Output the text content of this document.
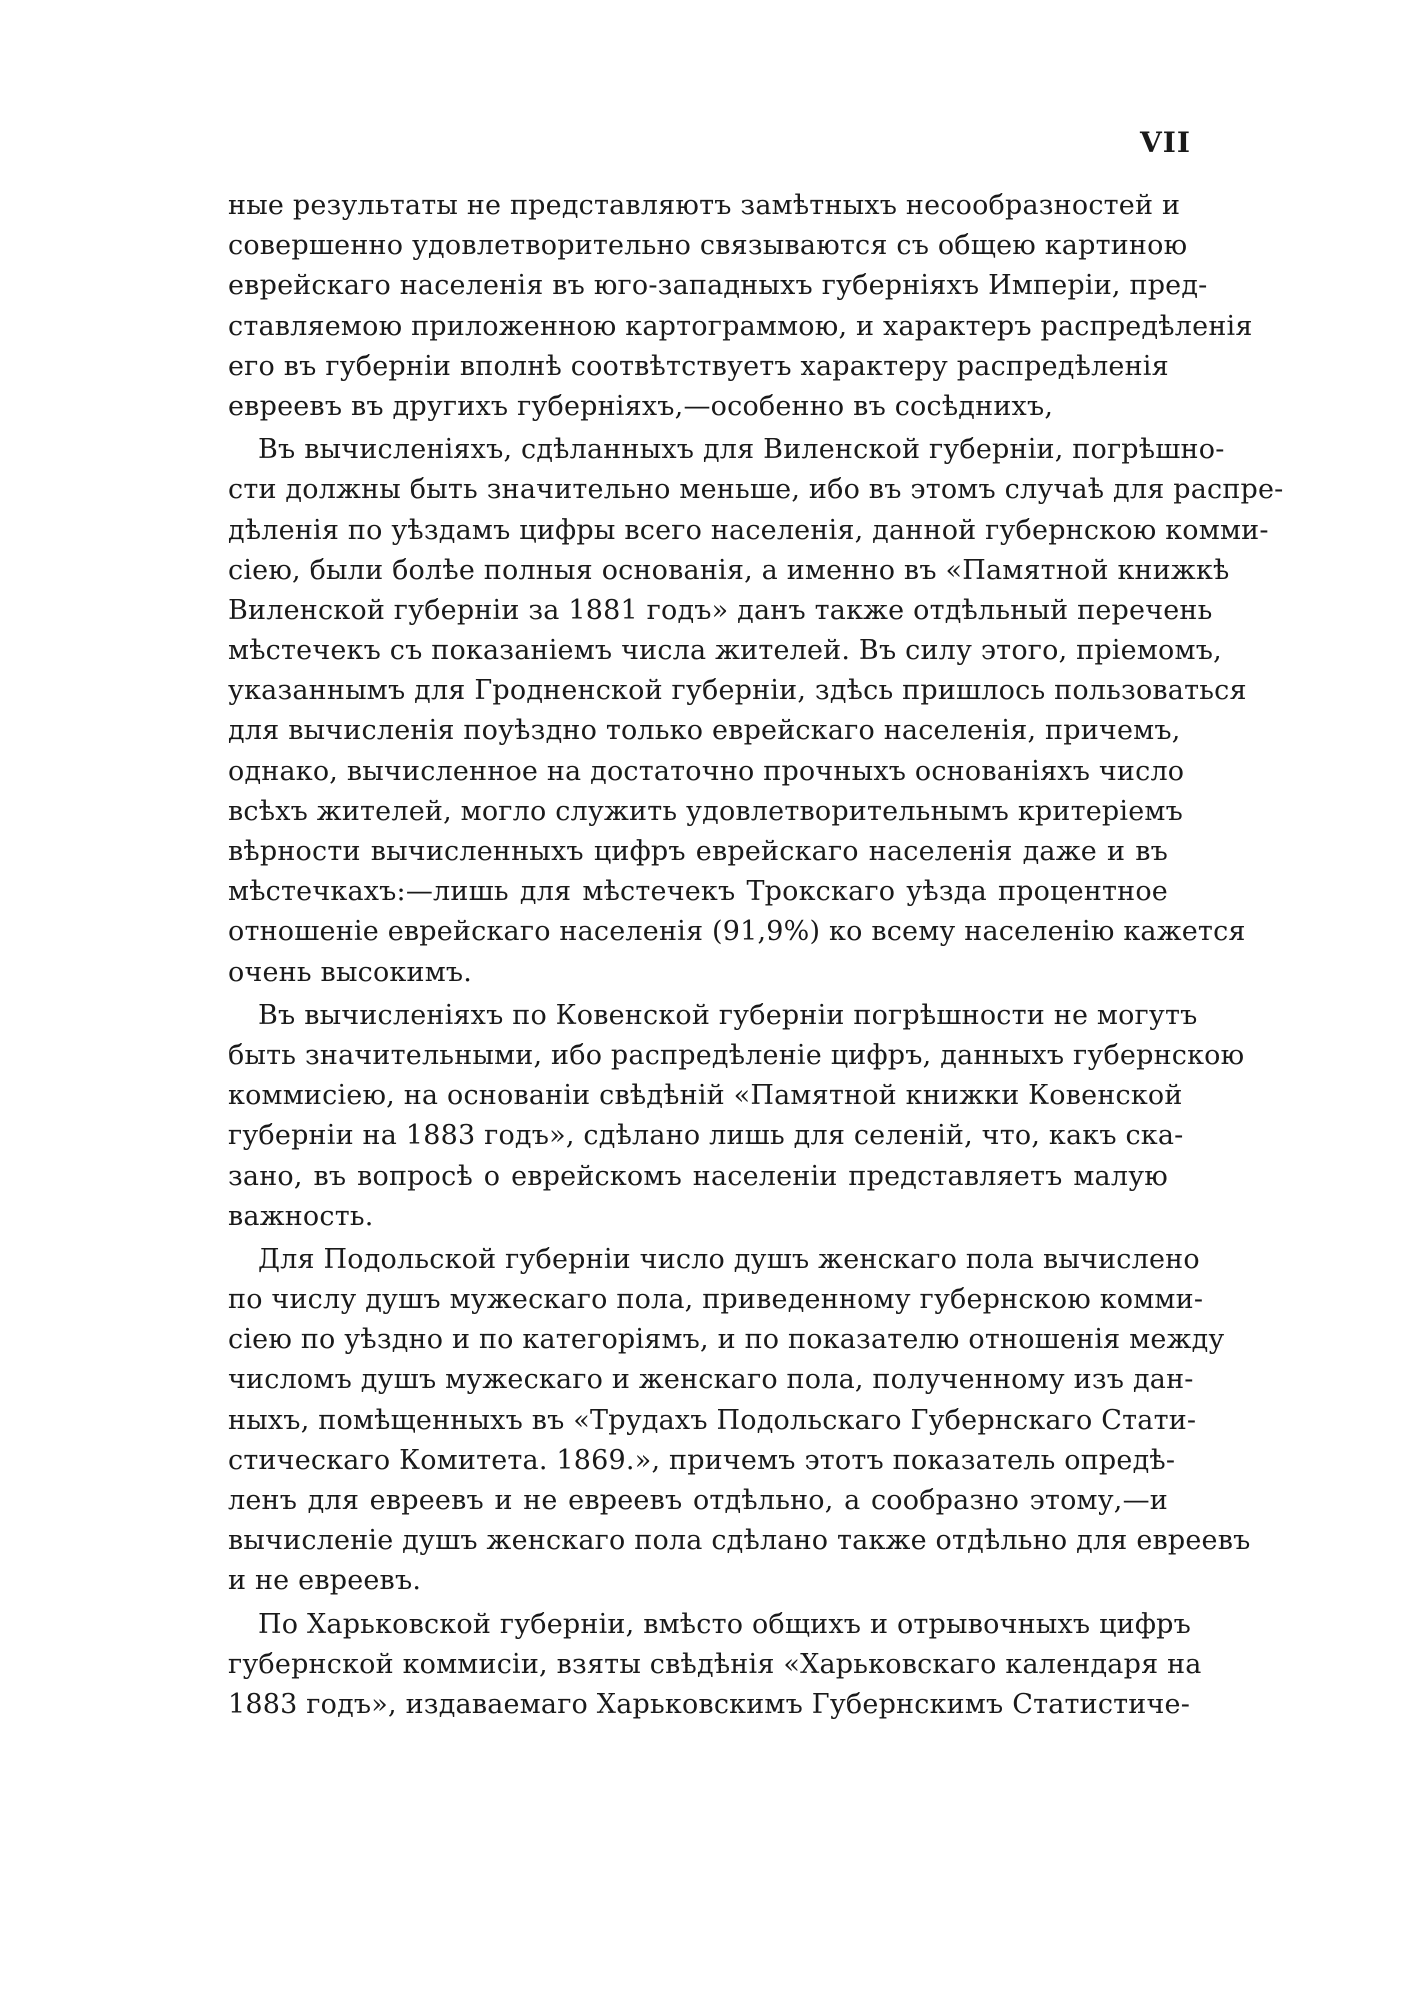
VII
ные результаты не представляютъ замѣтныхъ несообразностей и
совершенно удовлетворительно связываются съ общею картиною
еврейскаго населенія въ юго-западныхъ губерніяхъ Имперіи, пред-
ставляемою приложенною картограммою, и характеръ распредѣленія
его въ губерніи вполнѣ соотвѣтствуетъ характеру распредѣленія
евреевъ въ другихъ губерніяхъ,—особенно въ сосѣднихъ,
Въ вычисленіяхъ, сдѣланныхъ для Виленской губерніи, погрѣшно-
сти должны быть значительно меньше, ибо въ этомъ случаѣ для распре-
дѣленія по уѣздамъ цифры всего населенія, данной губернскою комми-
сіею, были болѣе полныя основанія, а именно въ «Памятной книжкѣ
Виленской губерніи за 1881 годъ» данъ также отдѣльный перечень
мѣстечекъ съ показаніемъ числа жителей. Въ силу этого, пріемомъ,
указаннымъ для Гродненской губерніи, здѣсь пришлось пользоваться
для вычисленія поуѣздно только еврейскаго населенія, причемъ,
однако, вычисленное на достаточно прочныхъ основаніяхъ число
всѣхъ жителей, могло служить удовлетворительнымъ критеріемъ
вѣрности вычисленныхъ цифръ еврейскаго населенія даже и въ
мѣстечкахъ:—лишь для мѣстечекъ Трокскаго уѣзда процентное
отношеніе еврейскаго населенія (91,9%) ко всему населенію кажется
очень высокимъ.
Въ вычисленіяхъ по Ковенской губерніи погрѣшности не могутъ
быть значительными, ибо распредѣленіе цифръ, данныхъ губернскою
коммисіею, на основаніи свѣдѣній «Памятной книжки Ковенской
губерніи на 1883 годъ», сдѣлано лишь для селеній, что, какъ ска-
зано, въ вопросѣ о еврейскомъ населеніи представляетъ малую
важность.
Для Подольской губерніи число душъ женскаго пола вычислено
по числу душъ мужескаго пола, приведенному губернскою комми-
сіею по уѣздно и по категоріямъ, и по показателю отношенія между
числомъ душъ мужескаго и женскаго пола, полученному изъ дан-
ныхъ, помѣщенныхъ въ «Трудахъ Подольскаго Губернскаго Стати-
стическаго Комитета. 1869.», причемъ этотъ показатель опредѣ-
ленъ для евреевъ и не евреевъ отдѣльно, а сообразно этому,—и
вычисленіе душъ женскаго пола сдѣлано также отдѣльно для евреевъ
и не евреевъ.
По Харьковской губерніи, вмѣсто общихъ и отрывочныхъ цифръ
губернской коммисіи, взяты свѣдѣнія «Харьковскаго календаря на
1883 годъ», издаваемаго Харьковскимъ Губернскимъ Статистиче-
